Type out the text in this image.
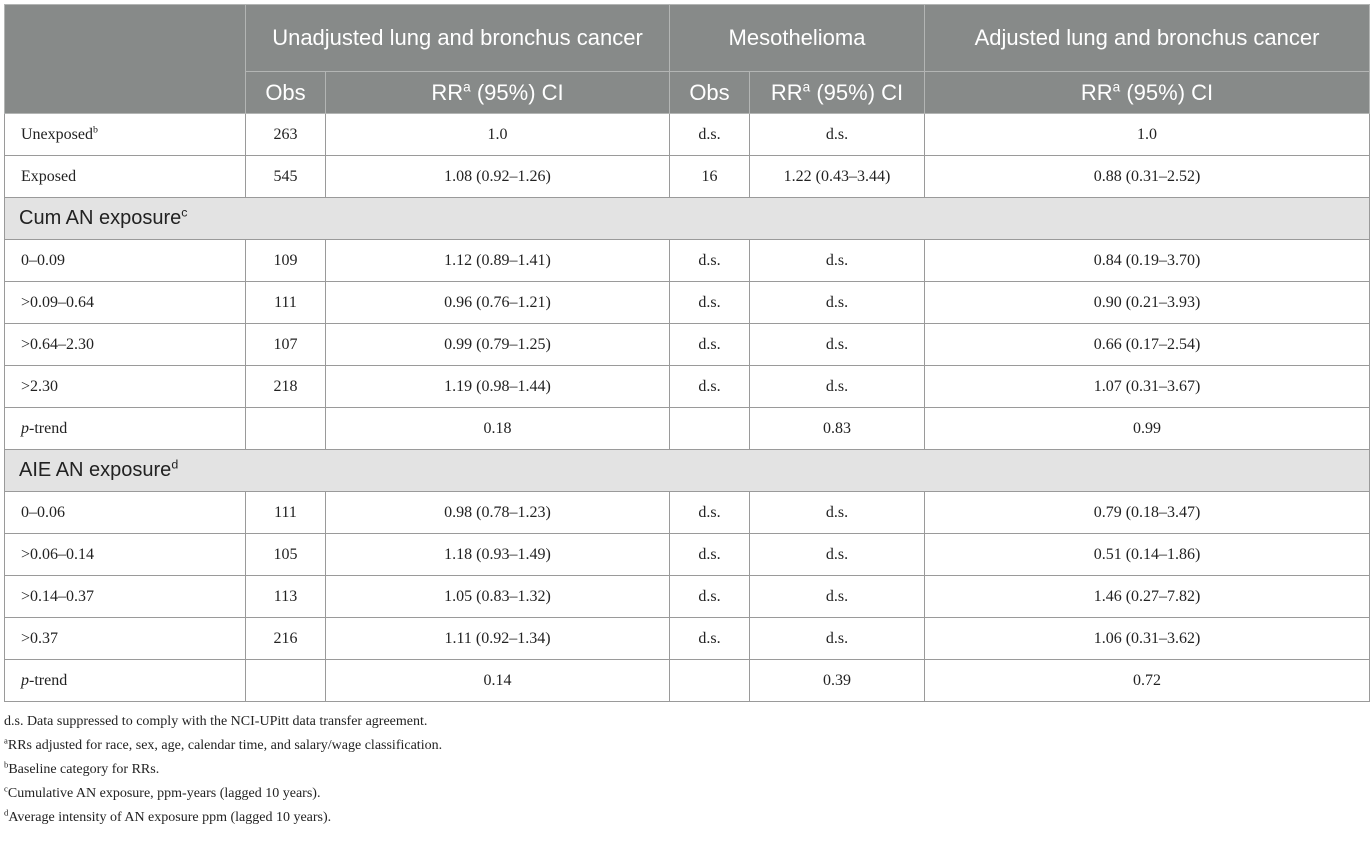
	Unadjusted lung and bronchus cancer		Mesothelioma		Adjusted lung and bronchus cancer
	Obs	$RR^a$ (95%) CI	Obs	$RR^a$ (95%) CI	$RR^a$ (95%) CI
Unexposed$^b$	263	1.0	d.s.	d.s.	1.0
Exposed	545	1.08 (0.92–1.26)	16	1.22 (0.43–3.44)	0.88 (0.31–2.52)
Cum AN exposure$^c$
0–0.09	109	1.12 (0.89–1.41)	d.s.	d.s.	0.84 (0.19–3.70)
>0.09–0.64	111	0.96 (0.76–1.21)	d.s.	d.s.	0.90 (0.21–3.93)
>0.64–2.30	107	0.99 (0.79–1.25)	d.s.	d.s.	0.66 (0.17–2.54)
>2.30	218	1.19 (0.98–1.44)	d.s.	d.s.	1.07 (0.31–3.67)
p-trend		0.18		0.83	0.99
AIE AN exposure$^d$
0–0.06	111	0.98 (0.78–1.23)	d.s.	d.s.	0.79 (0.18–3.47)
>0.06–0.14	105	1.18 (0.93–1.49)	d.s.	d.s.	0.51 (0.14–1.86)
>0.14–0.37	113	1.05 (0.83–1.32)	d.s.	d.s.	1.46 (0.27–7.82)
>0.37	216	1.11 (0.92–1.34)	d.s.	d.s.	1.06 (0.31–3.62)
p-trend		0.14		0.39	0.72
d.s. Data suppressed to comply with the NCI-UPitt data transfer agreement.
$^a$RRs adjusted for race, sex, age, calendar time, and salary/wage classification.
$^b$Baseline category for RRs.
$^c$Cumulative AN exposure, ppm-years (lagged 10 years).
$^d$Average intensity of AN exposure ppm (lagged 10 years).
